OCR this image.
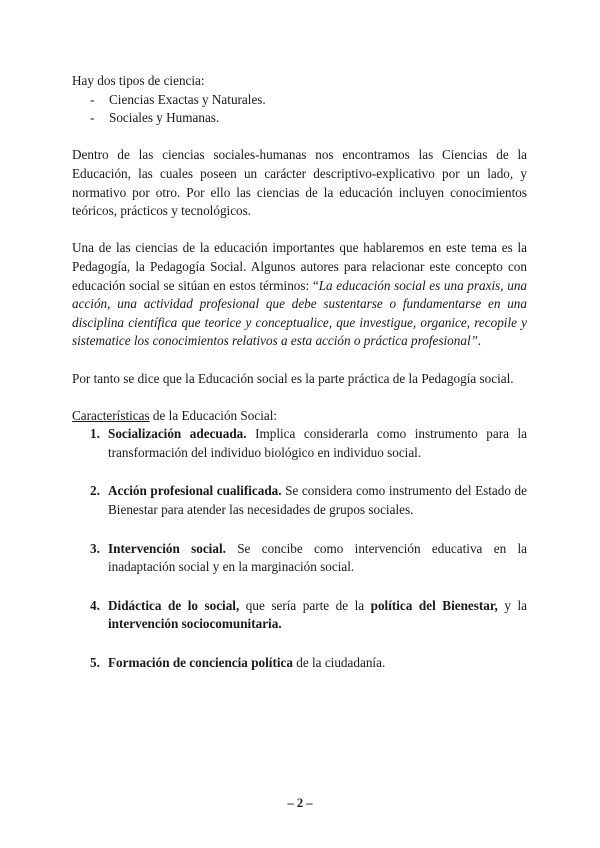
Hay dos tipos de ciencia:

- Ciencias Exactas y Naturales.
- Sociales y Humanas.

Dentro de las ciencias sociales-humanas nos encontramos las Ciencias de la Educación, las cuales poseen un carácter descriptivo-explicativo por un lado, y normativo por otro. Por ello las ciencias de la educación incluyen conocimientos teóricos, prácticos y tecnológicos.

Una de las ciencias de la educación importantes que hablaremos en este tema es la Pedagogía, la Pedagogía Social. Algunos autores para relacionar este concepto con educación social se sitúan en estos términos: “La educación social es una praxis, una acción, una actividad profesional que debe sustentarse o fundamentarse en una disciplina científica que teorice y conceptualice, que investigue, organice, recopile y sistematice los conocimientos relativos a esta acción o práctica profesional”.

Por tanto se dice que la Educación social es la parte práctica de la Pedagogía social.

Características de la Educación Social:

1. Socialización adecuada. Implica considerarla como instrumento para la transformación del individuo biológico en individuo social.
2. Acción profesional cualificada. Se considera como instrumento del Estado de Bienestar para atender las necesidades de grupos sociales.
3. Intervención social. Se concibe como intervención educativa en la inadaptación social y en la marginación social.
4. Didáctica de lo social, que sería parte de la política del Bienestar, y la intervención sociocomunitaria.
5. Formación de conciencia política de la ciudadanía.
– 2 –
